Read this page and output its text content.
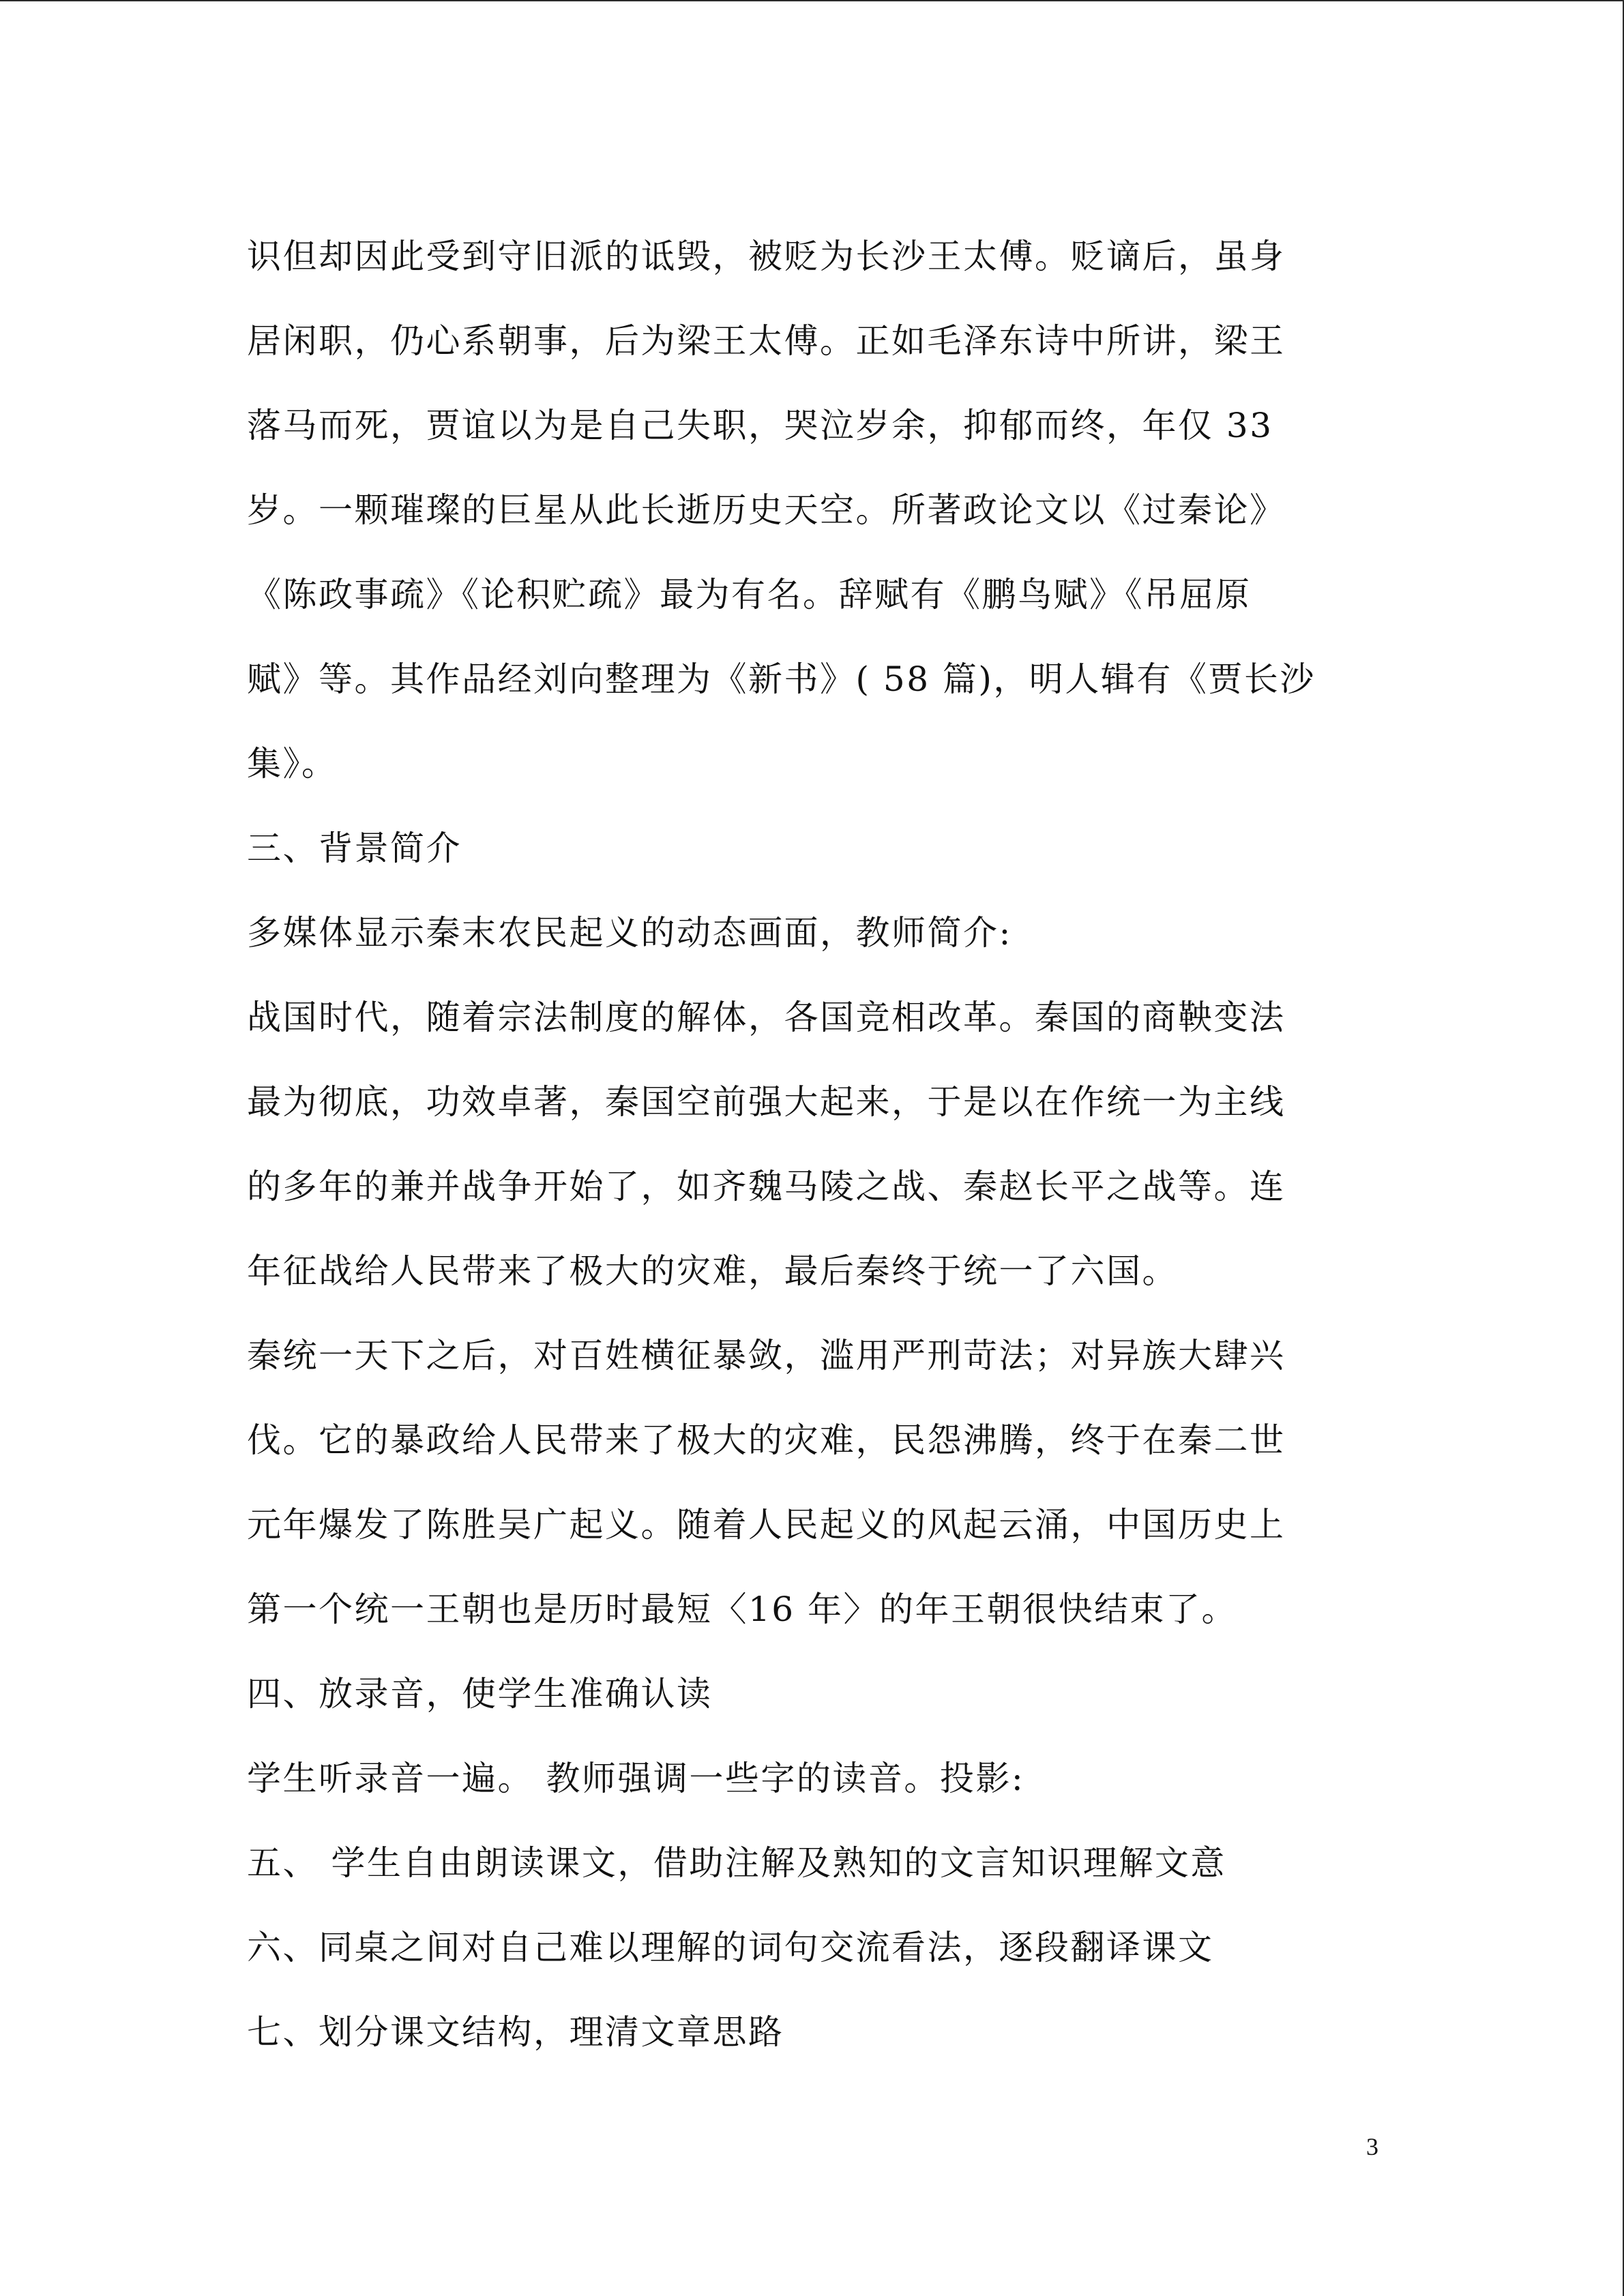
识但却因此受到守旧派的诋毁，被贬为长沙王太傅。贬谪后，虽身

居闲职，仍心系朝事，后为梁王太傅。正如毛泽东诗中所讲，梁王

落马而死，贾谊以为是自己失职，哭泣岁余，抑郁而终，年仅 33

岁。一颗璀璨的巨星从此长逝历史天空。所著政论文以《过秦论》

《陈政事疏》《论积贮疏》最为有名。辞赋有《鹏鸟赋》《吊屈原

赋》等。其作品经刘向整理为《新书》( 58 篇)，明人辑有《贾长沙

集》。

三、背景简介

多媒体显示秦末农民起义的动态画面，教师简介:

战国时代，随着宗法制度的解体，各国竞相改革。秦国的商鞅变法

最为彻底，功效卓著，秦国空前强大起来，于是以在作统一为主线

的多年的兼并战争开始了，如齐魏马陵之战、秦赵长平之战等。连

年征战给人民带来了极大的灾难，最后秦终于统一了六国。

秦统一天下之后，对百姓横征暴敛，滥用严刑苛法；对异族大肆兴

伐。它的暴政给人民带来了极大的灾难，民怨沸腾，终于在秦二世

元年爆发了陈胜吴广起义。随着人民起义的风起云涌，中国历史上

第一个统一王朝也是历时最短〈16 年〉的年王朝很快结束了。

四、放录音，使学生准确认读

学生听录音一遍。 教师强调一些字的读音。投影:

五、 学生自由朗读课文，借助注解及熟知的文言知识理解文意

六、同桌之间对自己难以理解的词句交流看法，逐段翻译课文

七、划分课文结构，理清文章思路

3
